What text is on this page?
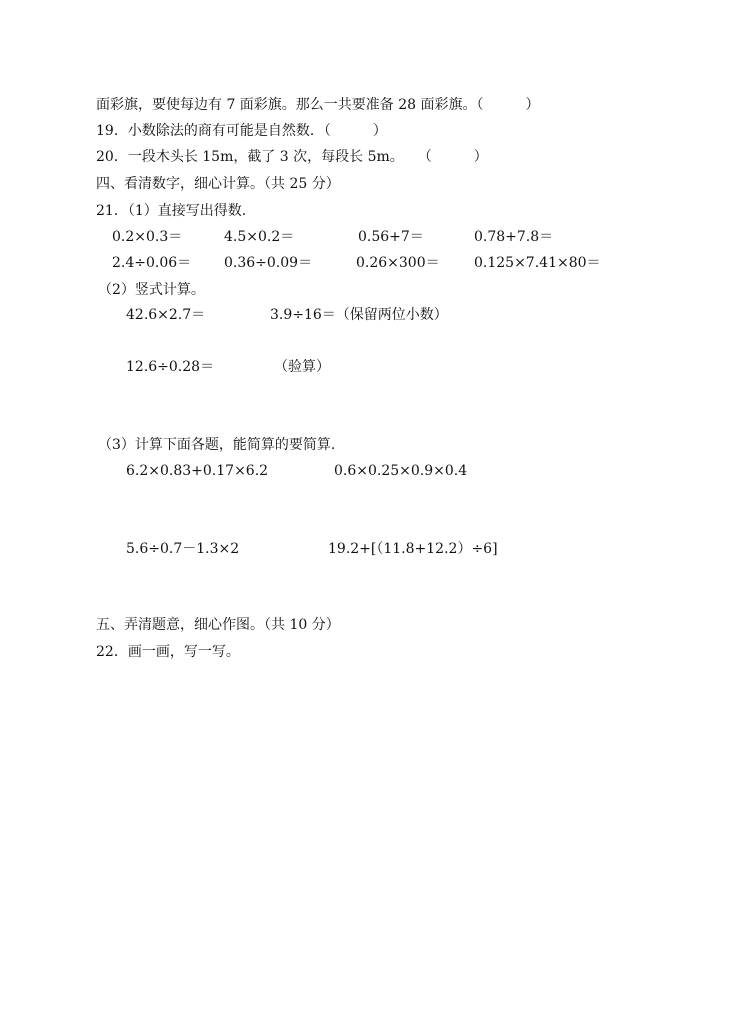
面彩旗，要使每边有 7 面彩旗。那么一共要准备 28 面彩旗。（　　　）
19．小数除法的商有可能是自然数．（　　　）
20．一段木头长 15m，截了 3 次，每段长 5m。　　（　　　）
四、看清数字，细心计算。（共 25 分）
21．（1）直接写出得数.
0.2×0.3＝	4.5×0.2＝	0.56+7＝	0.78+7.8＝
2.4÷0.06＝ 0.36÷0.09＝	0.26×300＝ 0.125×7.41×80＝
（2）竖式计算。
42.6×2.7＝	3.9÷16＝（保留两位小数）
12.6÷0.28＝	（验算）
（3）计算下面各题，能简算的要简算.
6.2×0.83+0.17×6.2	0.6×0.25×0.9×0.4
5.6÷0.7－1.3×2	19.2+[（11.8+12.2）÷6]
五、弄清题意，细心作图。（共 10 分）
22．画一画，写一写。
